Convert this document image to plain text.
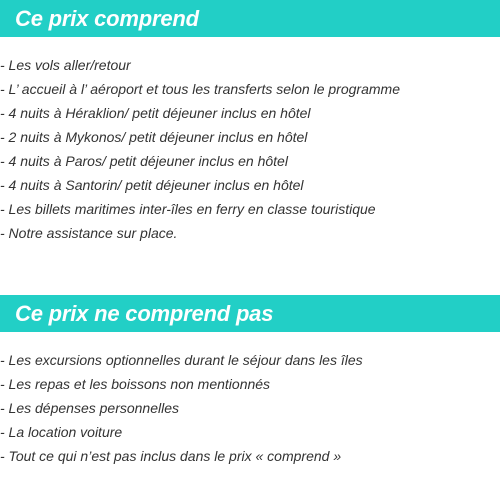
Ce prix comprend
- Les vols aller/retour
- L’ accueil à l’ aéroport et tous les transferts selon le programme
- 4 nuits à Héraklion/ petit déjeuner inclus en hôtel
- 2 nuits à Mykonos/ petit déjeuner inclus en hôtel
- 4 nuits à Paros/ petit déjeuner inclus en hôtel
- 4 nuits à Santorin/ petit déjeuner inclus en hôtel
- Les billets maritimes inter-îles en ferry en classe touristique
- Notre assistance sur place.
Ce prix ne comprend pas
- Les excursions optionnelles durant le séjour dans les îles
- Les repas et les boissons non mentionnés
- Les dépenses personnelles
- La location voiture
- Tout ce qui n’est pas inclus dans le prix « comprend »
